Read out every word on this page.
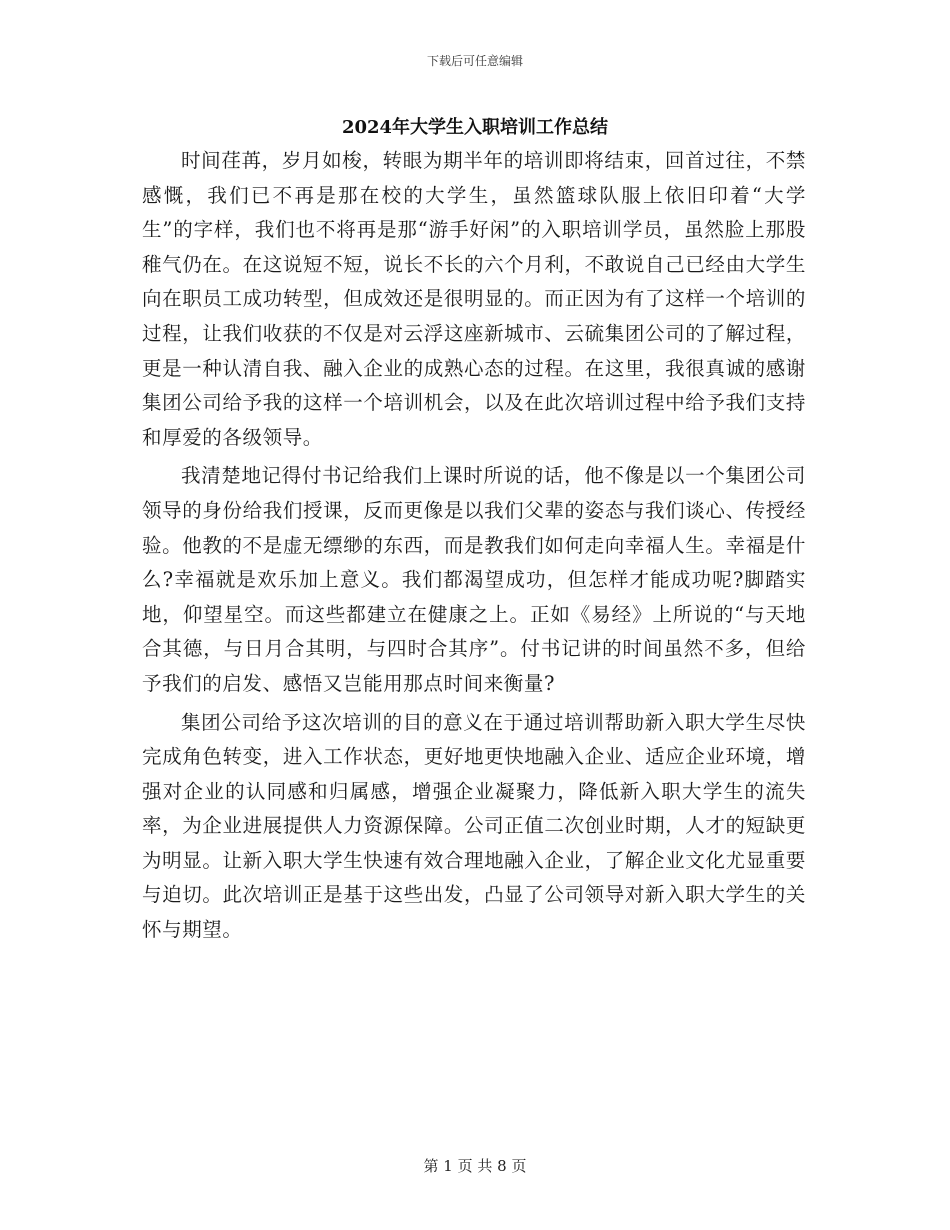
下载后可任意编辑
2024年大学生入职培训工作总结

时间荏苒，岁月如梭，转眼为期半年的培训即将结束，回首过往，不禁感慨，我们已不再是那在校的大学生，虽然篮球队服上依旧印着“大学生”的字样，我们也不将再是那“游手好闲”的入职培训学员，虽然脸上那股稚气仍在。在这说短不短，说长不长的六个月利，不敢说自己已经由大学生向在职员工成功转型，但成效还是很明显的。而正因为有了这样一个培训的过程，让我们收获的不仅是对云浮这座新城市、云硫集团公司的了解过程，更是一种认清自我、融入企业的成熟心态的过程。在这里，我很真诚的感谢集团公司给予我的这样一个培训机会，以及在此次培训过程中给予我们支持和厚爱的各级领导。

我清楚地记得付书记给我们上课时所说的话，他不像是以一个集团公司领导的身份给我们授课，反而更像是以我们父辈的姿态与我们谈心、传授经验。他教的不是虚无缥缈的东西，而是教我们如何走向幸福人生。幸福是什么?幸福就是欢乐加上意义。我们都渴望成功，但怎样才能成功呢?脚踏实地，仰望星空。而这些都建立在健康之上。正如《易经》上所说的“与天地合其德，与日月合其明，与四时合其序”。付书记讲的时间虽然不多，但给予我们的启发、感悟又岂能用那点时间来衡量?

集团公司给予这次培训的目的意义在于通过培训帮助新入职大学生尽快完成角色转变，进入工作状态，更好地更快地融入企业、适应企业环境，增强对企业的认同感和归属感，增强企业凝聚力，降低新入职大学生的流失率，为企业进展提供人力资源保障。公司正值二次创业时期，人才的短缺更为明显。让新入职大学生快速有效合理地融入企业，了解企业文化尤显重要与迫切。此次培训正是基于这些出发，凸显了公司领导对新入职大学生的关怀与期望。

第 1 页 共 8 页
